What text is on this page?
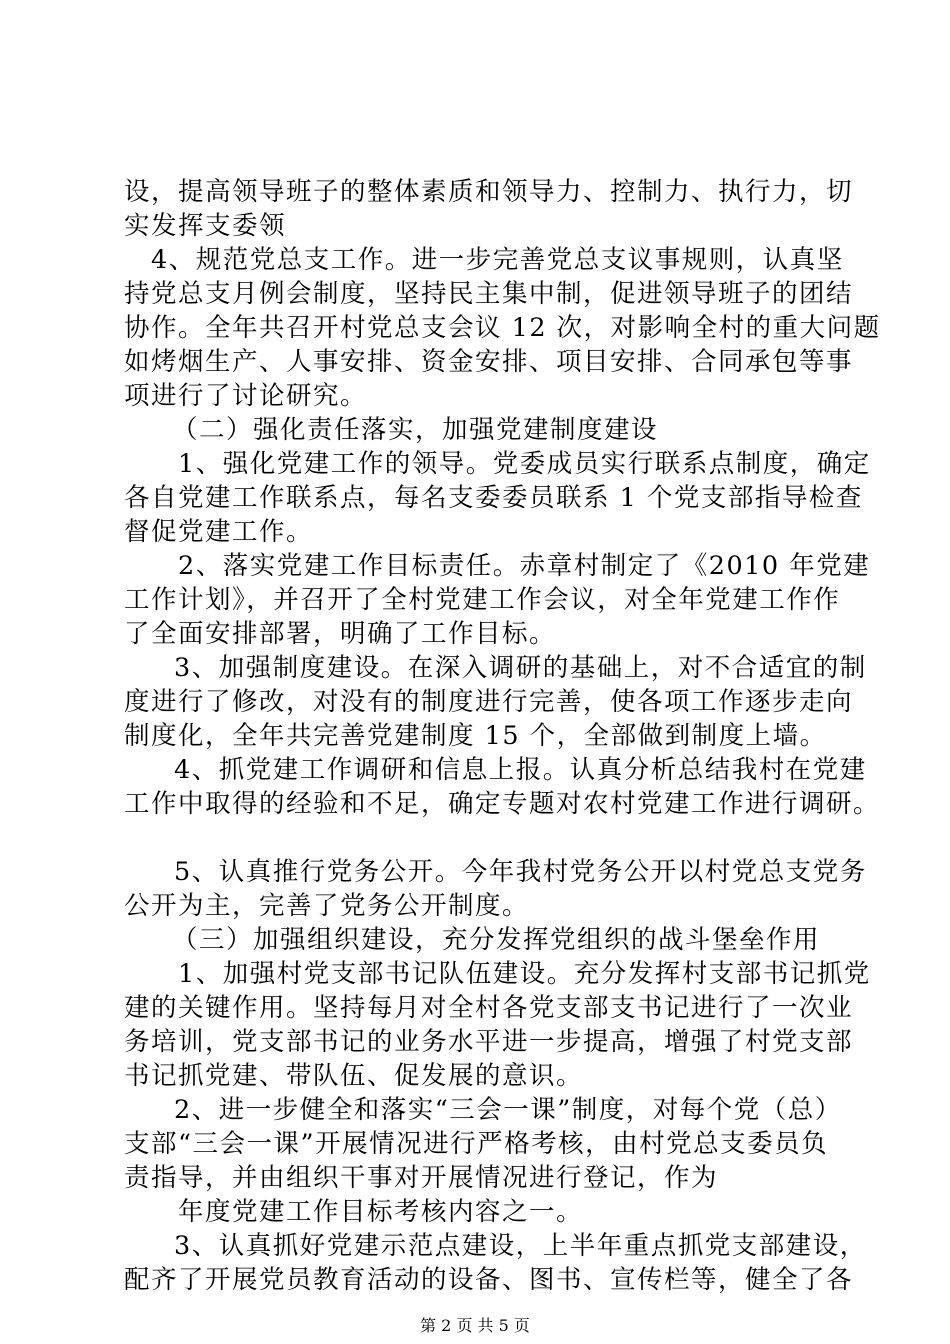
设，提高领导班子的整体素质和领导力、控制力、执行力，切
实发挥支委领
4、规范党总支工作。进一步完善党总支议事规则，认真坚
持党总支月例会制度，坚持民主集中制，促进领导班子的团结
协作。全年共召开村党总支会议 12 次，对影响全村的重大问题
如烤烟生产、人事安排、资金安排、项目安排、合同承包等事
项进行了讨论研究。
（二）强化责任落实，加强党建制度建设
1、强化党建工作的领导。党委成员实行联系点制度，确定
各自党建工作联系点，每名支委委员联系 1 个党支部指导检查
督促党建工作。
2、落实党建工作目标责任。赤章村制定了《2010 年党建
工作计划》，并召开了全村党建工作会议，对全年党建工作作
了全面安排部署，明确了工作目标。
3、加强制度建设。在深入调研的基础上，对不合适宜的制
度进行了修改，对没有的制度进行完善，使各项工作逐步走向
制度化，全年共完善党建制度 15 个，全部做到制度上墙。
4、抓党建工作调研和信息上报。认真分析总结我村在党建
工作中取得的经验和不足，确定专题对农村党建工作进行调研。
5、认真推行党务公开。今年我村党务公开以村党总支党务
公开为主，完善了党务公开制度。
（三）加强组织建设，充分发挥党组织的战斗堡垒作用
1、加强村党支部书记队伍建设。充分发挥村支部书记抓党
建的关键作用。坚持每月对全村各党支部支书记进行了一次业
务培训，党支部书记的业务水平进一步提高，增强了村党支部
书记抓党建、带队伍、促发展的意识。
2、进一步健全和落实“三会一课”制度，对每个党（总）
支部“三会一课”开展情况进行严格考核，由村党总支委员负
责指导，并由组织干事对开展情况进行登记，作为
年度党建工作目标考核内容之一。
3、认真抓好党建示范点建设，上半年重点抓党支部建设，
配齐了开展党员教育活动的设备、图书、宣传栏等，健全了各
第 2 页 共 5 页
